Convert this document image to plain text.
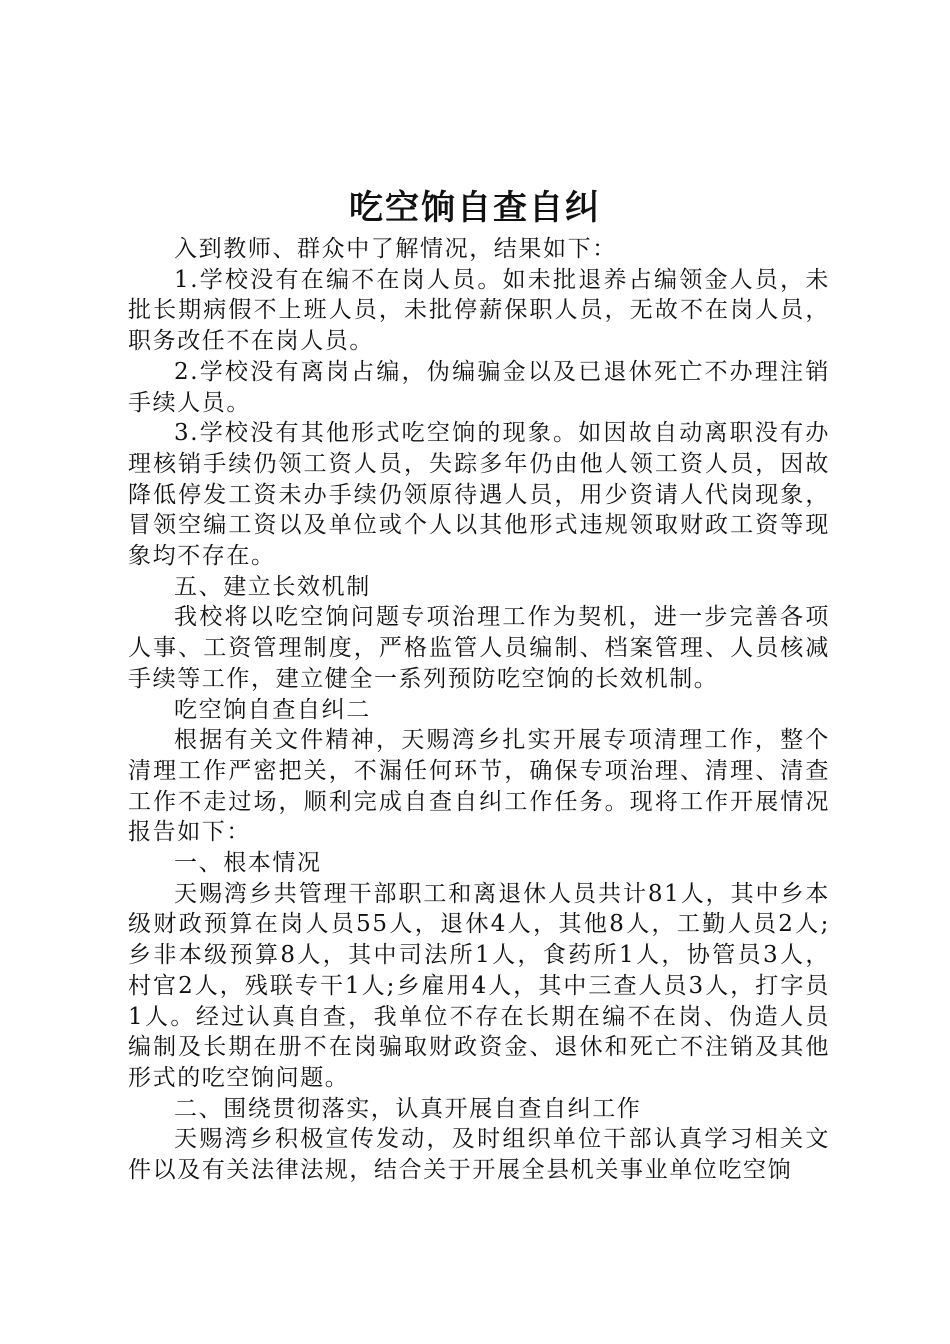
吃空饷自查自纠

入到教师、群众中了解情况，结果如下：

1.学校没有在编不在岗人员。如未批退养占编领金人员，未批长期病假不上班人员，未批停薪保职人员，无故不在岗人员，职务改任不在岗人员。

2.学校没有离岗占编，伪编骗金以及已退休死亡不办理注销手续人员。

3.学校没有其他形式吃空饷的现象。如因故自动离职没有办理核销手续仍领工资人员，失踪多年仍由他人领工资人员，因故降低停发工资未办手续仍领原待遇人员，用少资请人代岗现象，冒领空编工资以及单位或个人以其他形式违规领取财政工资等现象均不存在。

五、建立长效机制

我校将以吃空饷问题专项治理工作为契机，进一步完善各项人事、工资管理制度，严格监管人员编制、档案管理、人员核减手续等工作，建立健全一系列预防吃空饷的长效机制。

吃空饷自查自纠二

根据有关文件精神，天赐湾乡扎实开展专项清理工作，整个清理工作严密把关，不漏任何环节，确保专项治理、清理、清查工作不走过场，顺利完成自查自纠工作任务。现将工作开展情况报告如下：

一、根本情况

天赐湾乡共管理干部职工和离退休人员共计81人，其中乡本级财政预算在岗人员55人，退休4人，其他8人，工勤人员2人;乡非本级预算8人，其中司法所1人，食药所1人，协管员3人，村官2人，残联专干1人;乡雇用4人，其中三查人员3人，打字员1人。经过认真自查，我单位不存在长期在编不在岗、伪造人员编制及长期在册不在岗骗取财政资金、退休和死亡不注销及其他形式的吃空饷问题。

二、围绕贯彻落实，认真开展自查自纠工作

天赐湾乡积极宣传发动，及时组织单位干部认真学习相关文件以及有关法律法规，结合关于开展全县机关事业单位吃空饷
